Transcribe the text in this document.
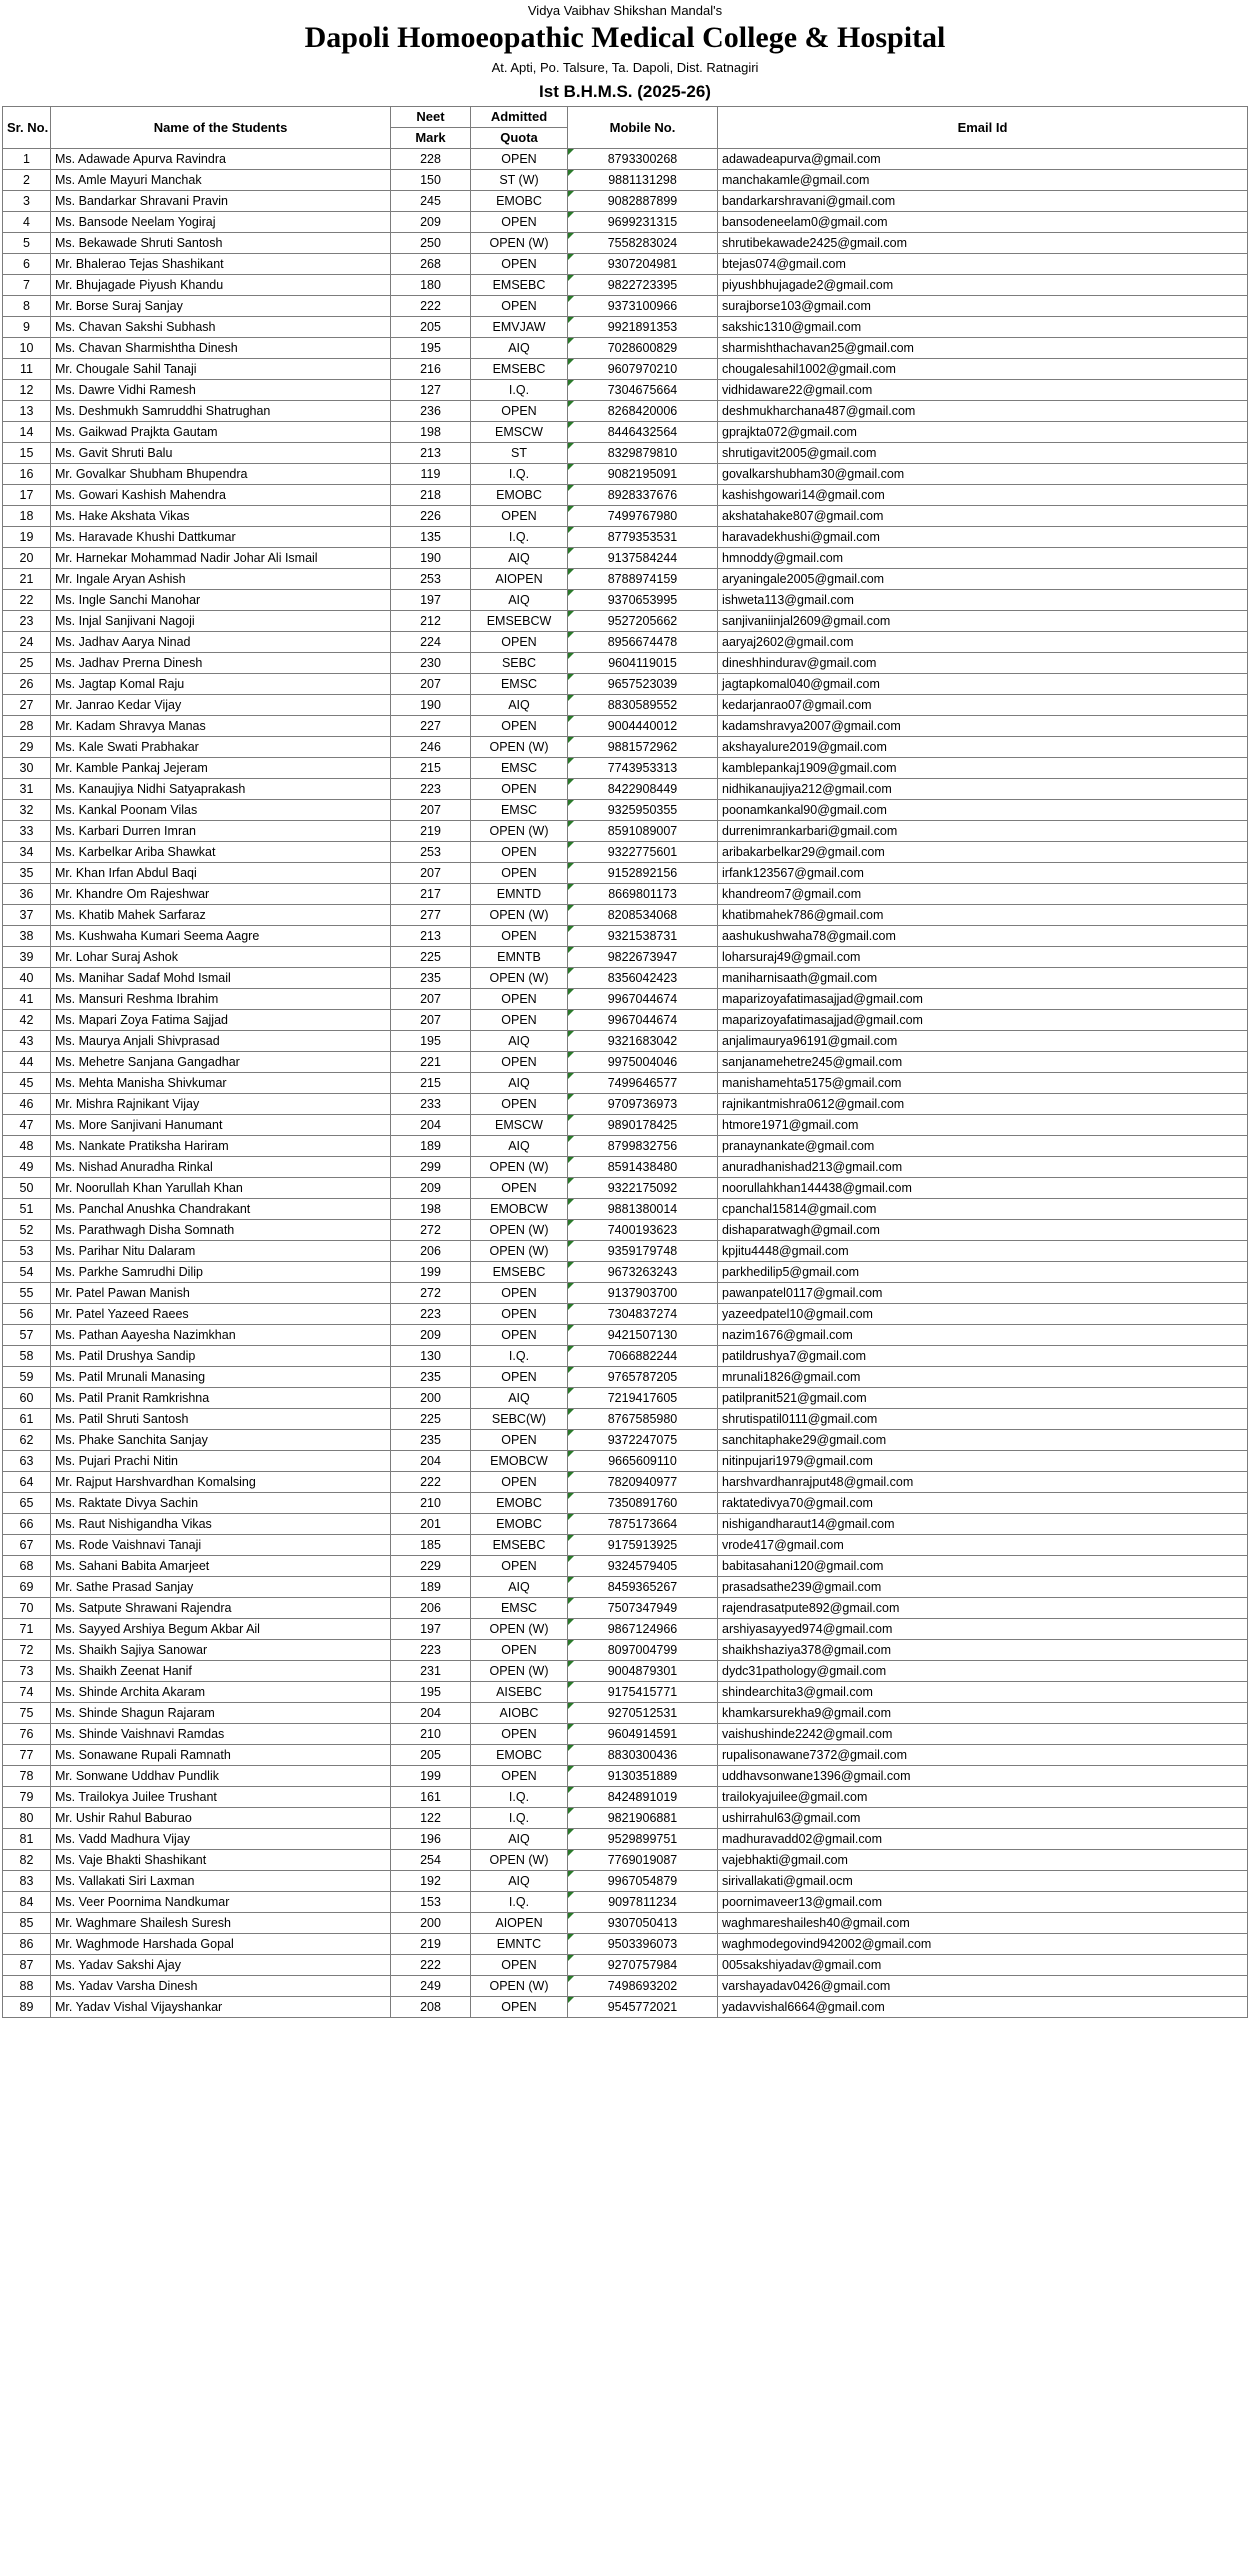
Vidya Vaibhav Shikshan Mandal's
Dapoli Homoeopathic Medical College & Hospital
At. Apti, Po. Talsure, Ta. Dapoli, Dist. Ratnagiri
Ist B.H.M.S. (2025-26)
Sr. No.	Name of the Students	Neet	Admitted	Mobile No.	Email Id
		Mark	Quota		
1	Ms. Adawade Apurva Ravindra	228	OPEN	8793300268	adawadeapurva@gmail.com
2	Ms. Amle Mayuri Manchak	150	ST (W)	9881131298	manchakamle@gmail.com
3	Ms. Bandarkar Shravani Pravin	245	EMOBC	9082887899	bandarkarshravani@gmail.com
4	Ms. Bansode Neelam Yogiraj	209	OPEN	9699231315	bansodeneelam0@gmail.com
5	Ms. Bekawade Shruti Santosh	250	OPEN (W)	7558283024	shrutibekawade2425@gmail.com
6	Mr. Bhalerao Tejas Shashikant	268	OPEN	9307204981	btejas074@gmail.com
7	Mr. Bhujagade Piyush Khandu	180	EMSEBC	9822723395	piyushbhujagade2@gmail.com
8	Mr. Borse Suraj Sanjay	222	OPEN	9373100966	surajborse103@gmail.com
9	Ms. Chavan Sakshi Subhash	205	EMVJAW	9921891353	sakshic1310@gmail.com
10	Ms. Chavan Sharmishtha Dinesh	195	AIQ	7028600829	sharmishthachavan25@gmail.com
11	Mr. Chougale Sahil Tanaji	216	EMSEBC	9607970210	chougalesahil1002@gmail.com
12	Ms. Dawre Vidhi Ramesh	127	I.Q.	7304675664	vidhidaware22@gmail.com
13	Ms. Deshmukh Samruddhi Shatrughan	236	OPEN	8268420006	deshmukharchana487@gmail.com
14	Ms. Gaikwad Prajkta Gautam	198	EMSCW	8446432564	gprajkta072@gmail.com
15	Ms. Gavit Shruti Balu	213	ST	8329879810	shrutigavit2005@gmail.com
16	Mr. Govalkar Shubham Bhupendra	119	I.Q.	9082195091	govalkarshubham30@gmail.com
17	Ms. Gowari Kashish Mahendra	218	EMOBC	8928337676	kashishgowari14@gmail.com
18	Ms. Hake Akshata Vikas	226	OPEN	7499767980	akshatahake807@gmail.com
19	Ms. Haravade Khushi Dattkumar	135	I.Q.	8779353531	haravadekhushi@gmail.com
20	Mr. Harnekar Mohammad Nadir Johar Ali Ismail	190	AIQ	9137584244	hmnoddy@gmail.com
21	Mr. Ingale Aryan Ashish	253	AIOPEN	8788974159	aryaningale2005@gmail.com
22	Ms. Ingle Sanchi Manohar	197	AIQ	9370653995	ishweta113@gmail.com
23	Ms. Injal Sanjivani Nagoji	212	EMSEBCW	9527205662	sanjivaniinjal2609@gmail.com
24	Ms. Jadhav Aarya Ninad	224	OPEN	8956674478	aaryaj2602@gmail.com
25	Ms. Jadhav Prerna Dinesh	230	SEBC	9604119015	dineshhindurav@gmail.com
26	Ms. Jagtap Komal Raju	207	EMSC	9657523039	jagtapkomal040@gmail.com
27	Mr. Janrao Kedar Vijay	190	AIQ	8830589552	kedarjanrao07@gmail.com
28	Mr. Kadam Shravya Manas	227	OPEN	9004440012	kadamshravya2007@gmail.com
29	Ms. Kale Swati Prabhakar	246	OPEN (W)	9881572962	akshayalure2019@gmail.com
30	Mr. Kamble Pankaj Jejeram	215	EMSC	7743953313	kamblepankaj1909@gmail.com
31	Ms. Kanaujiya Nidhi Satyaprakash	223	OPEN	8422908449	nidhikanaujiya212@gmail.com
32	Ms. Kankal Poonam Vilas	207	EMSC	9325950355	poonamkankal90@gmail.com
33	Ms. Karbari Durren Imran	219	OPEN (W)	8591089007	durrenimrankarbari@gmail.com
34	Ms. Karbelkar Ariba Shawkat	253	OPEN	9322775601	aribakarbelkar29@gmail.com
35	Mr. Khan Irfan Abdul Baqi	207	OPEN	9152892156	irfank123567@gmail.com
36	Mr. Khandre Om Rajeshwar	217	EMNTD	8669801173	khandreom7@gmail.com
37	Ms. Khatib Mahek Sarfaraz	277	OPEN (W)	8208534068	khatibmahek786@gmail.com
38	Ms. Kushwaha Kumari Seema Aagre	213	OPEN	9321538731	aashukushwaha78@gmail.com
39	Mr. Lohar Suraj Ashok	225	EMNTB	9822673947	loharsuraj49@gmail.com
40	Ms. Manihar Sadaf Mohd Ismail	235	OPEN (W)	8356042423	maniharnisaath@gmail.com
41	Ms. Mansuri Reshma Ibrahim	207	OPEN	9967044674	maparizoyafatimasajjad@gmail.com
42	Ms. Mapari Zoya Fatima Sajjad	207	OPEN	9967044674	maparizoyafatimasajjad@gmail.com
43	Ms. Maurya Anjali Shivprasad	195	AIQ	9321683042	anjalimaurya96191@gmail.com
44	Ms. Mehetre Sanjana Gangadhar	221	OPEN	9975004046	sanjanamehetre245@gmail.com
45	Ms. Mehta Manisha Shivkumar	215	AIQ	7499646577	manishamehta5175@gmail.com
46	Mr. Mishra Rajnikant Vijay	233	OPEN	9709736973	rajnikantmishra0612@gmail.com
47	Ms. More Sanjivani Hanumant	204	EMSCW	9890178425	htmore1971@gmail.com
48	Ms. Nankate Pratiksha Hariram	189	AIQ	8799832756	pranaynankate@gmail.com
49	Ms. Nishad Anuradha Rinkal	299	OPEN (W)	8591438480	anuradhanishad213@gmail.com
50	Mr. Noorullah Khan Yarullah Khan	209	OPEN	9322175092	noorullahkhan144438@gmail.com
51	Ms. Panchal Anushka Chandrakant	198	EMOBCW	9881380014	cpanchal15814@gmail.com
52	Ms. Parathwagh Disha Somnath	272	OPEN (W)	7400193623	dishaparatwagh@gmail.com
53	Ms. Parihar Nitu Dalaram	206	OPEN (W)	9359179748	kpjitu4448@gmail.com
54	Ms. Parkhe Samrudhi Dilip	199	EMSEBC	9673263243	parkhedilip5@gmail.com
55	Mr. Patel Pawan Manish	272	OPEN	9137903700	pawanpatel0117@gmail.com
56	Mr. Patel Yazeed Raees	223	OPEN	7304837274	yazeedpatel10@gmail.com
57	Ms. Pathan Aayesha Nazimkhan	209	OPEN	9421507130	nazim1676@gmail.com
58	Ms. Patil Drushya Sandip	130	I.Q.	7066882244	patildrushya7@gmail.com
59	Ms. Patil Mrunali Manasing	235	OPEN	9765787205	mrunali1826@gmail.com
60	Ms. Patil Pranit Ramkrishna	200	AIQ	7219417605	patilpranit521@gmail.com
61	Ms. Patil Shruti Santosh	225	SEBC(W)	8767585980	shrutispatil0111@gmail.com
62	Ms. Phake Sanchita Sanjay	235	OPEN	9372247075	sanchitaphake29@gmail.com
63	Ms. Pujari Prachi Nitin	204	EMOBCW	9665609110	nitinpujari1979@gmail.com
64	Mr. Rajput Harshvardhan Komalsing	222	OPEN	7820940977	harshvardhanrajput48@gmail.com
65	Ms. Raktate Divya Sachin	210	EMOBC	7350891760	raktatedivya70@gmail.com
66	Ms. Raut Nishigandha Vikas	201	EMOBC	7875173664	nishigandharaut14@gmail.com
67	Ms. Rode Vaishnavi Tanaji	185	EMSEBC	9175913925	vrode417@gmail.com
68	Ms. Sahani Babita Amarjeet	229	OPEN	9324579405	babitasahani120@gmail.com
69	Mr. Sathe Prasad Sanjay	189	AIQ	8459365267	prasadsathe239@gmail.com
70	Ms. Satpute Shrawani Rajendra	206	EMSC	7507347949	rajendrasatpute892@gmail.com
71	Ms. Sayyed Arshiya Begum Akbar Ail	197	OPEN (W)	9867124966	arshiyasayyed974@gmail.com
72	Ms. Shaikh Sajiya Sanowar	223	OPEN	8097004799	shaikhshaziya378@gmail.com
73	Ms. Shaikh Zeenat Hanif	231	OPEN (W)	9004879301	dydc31pathology@gmail.com
74	Ms. Shinde Archita Akaram	195	AISEBC	9175415771	shindearchita3@gmail.com
75	Ms. Shinde Shagun Rajaram	204	AIOBC	9270512531	khamkarsurekha9@gmail.com
76	Ms. Shinde Vaishnavi Ramdas	210	OPEN	9604914591	vaishushinde2242@gmail.com
77	Ms. Sonawane Rupali Ramnath	205	EMOBC	8830300436	rupalisonawane7372@gmail.com
78	Mr. Sonwane Uddhav Pundlik	199	OPEN	9130351889	uddhavsonwane1396@gmail.com
79	Ms. Trailokya Juilee Trushant	161	I.Q.	8424891019	trailokyajuilee@gmail.com
80	Mr. Ushir Rahul Baburao	122	I.Q.	9821906881	ushirrahul63@gmail.com
81	Ms. Vadd Madhura Vijay	196	AIQ	9529899751	madhuravadd02@gmail.com
82	Ms. Vaje Bhakti Shashikant	254	OPEN (W)	7769019087	vajebhakti@gmail.com
83	Ms. Vallakati Siri Laxman	192	AIQ	9967054879	sirivallakati@gmail.ocm
84	Ms. Veer Poornima Nandkumar	153	I.Q.	9097811234	poornimaveer13@gmail.com
85	Mr. Waghmare Shailesh Suresh	200	AIOPEN	9307050413	waghmareshailesh40@gmail.com
86	Mr. Waghmode Harshada Gopal	219	EMNTC	9503396073	waghmodegovind942002@gmail.com
87	Ms. Yadav Sakshi Ajay	222	OPEN	9270757984	005sakshiyadav@gmail.com
88	Ms. Yadav Varsha Dinesh	249	OPEN (W)	7498693202	varshayadav0426@gmail.com
89	Mr. Yadav Vishal Vijayshankar	208	OPEN	9545772021	yadavvishal6664@gmail.com
